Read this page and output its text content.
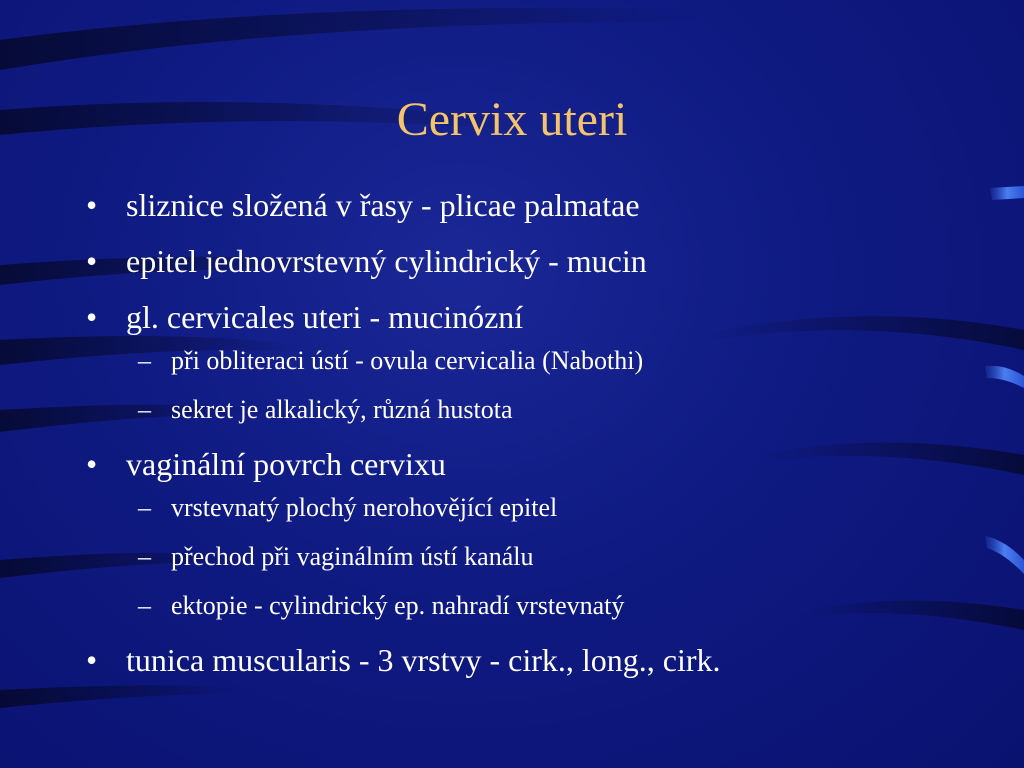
Cervix uteri
• sliznice složená v řasy - plicae palmatae
• epitel jednovrstevný cylindrický - mucin
• gl. cervicales uteri - mucinózní
– při obliteraci ústí - ovula cervicalia (Nabothi)
– sekret je alkalický, různá hustota
• vaginální povrch cervixu
– vrstevnatý plochý nerohovějící epitel
– přechod při vaginálním ústí kanálu
– ektopie - cylindrický ep. nahradí vrstevnatý
• tunica muscularis - 3 vrstvy - cirk., long., cirk.
